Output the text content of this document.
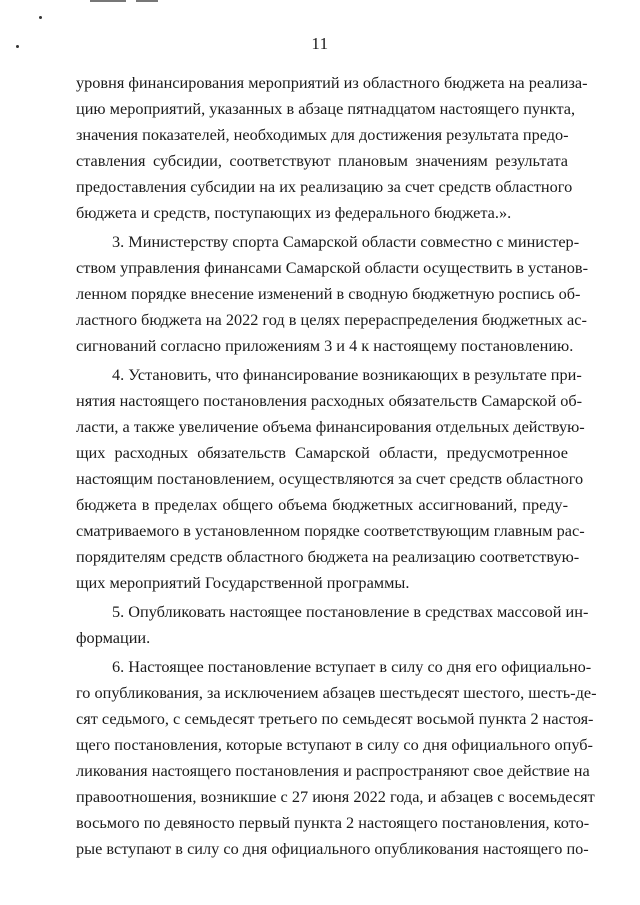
11
уровня финансирования мероприятий из областного бюджета на реализа-
цию мероприятий, указанных в абзаце пятнадцатом настоящего пункта,
значения показателей, необходимых для достижения результата предо-
ставления субсидии, соответствуют плановым значениям результата
предоставления субсидии на их реализацию за счет средств областного
бюджета и средств, поступающих из федерального бюджета.».
3. Министерству спорта Самарской области совместно с министер-
ством управления финансами Самарской области осуществить в установ-
ленном порядке внесение изменений в сводную бюджетную роспись об-
ластного бюджета на 2022 год в целях перераспределения бюджетных ас-
сигнований согласно приложениям 3 и 4 к настоящему постановлению.
4. Установить, что финансирование возникающих в результате при-
нятия настоящего постановления расходных обязательств Самарской об-
ласти, а также увеличение объема финансирования отдельных действую-
щих расходных обязательств Самарской области, предусмотренное
настоящим постановлением, осуществляются за счет средств областного
бюджета в пределах общего объема бюджетных ассигнований, преду-
сматриваемого в установленном порядке соответствующим главным рас-
порядителям средств областного бюджета на реализацию соответствую-
щих мероприятий Государственной программы.
5. Опубликовать настоящее постановление в средствах массовой ин-
формации.
6. Настоящее постановление вступает в силу со дня его официально-
го опубликования, за исключением абзацев шестьдесят шестого, шесть-де-
сят седьмого, с семьдесят третьего по семьдесят восьмой пункта 2 настоя-
щего постановления, которые вступают в силу со дня официального опуб-
ликования настоящего постановления и распространяют свое действие на
правоотношения, возникшие с 27 июня 2022 года, и абзацев с восемьдесят
восьмого по девяносто первый пункта 2 настоящего постановления, кото-
рые вступают в силу со дня официального опубликования настоящего по-
